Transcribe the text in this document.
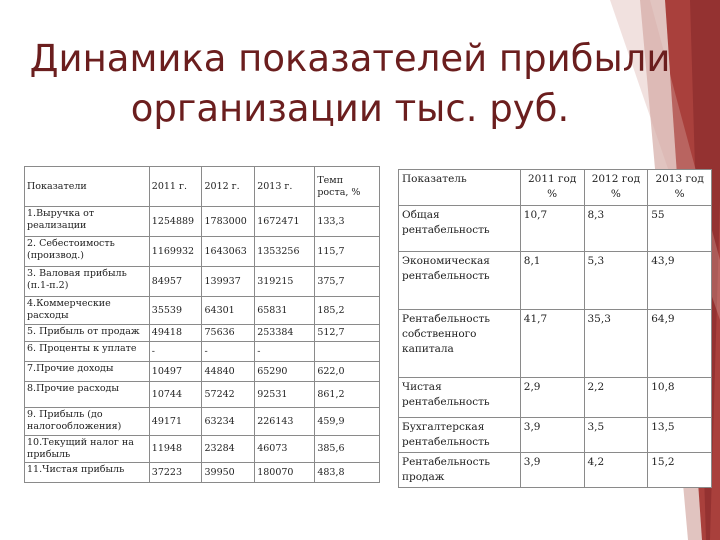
Динамика показателей прибыли организации тыс. руб.
Показатели	2011 г.	2012 г.	2013 г.	Темп роста, %
1.Выручка от реализации	1254889	1783000	1672471	133,3
2. Себестоимость (производ.)	1169932	1643063	1353256	115,7
3. Валовая прибыль (п.1-п.2)	84957	139937	319215	375,7
4.Коммерческие расходы	35539	64301	65831	185,2
5. Прибыль от продаж	49418	75636	253384	512,7
6. Проценты к уплате	-	-	-	
7.Прочие доходы	10497	44840	65290	622,0
8.Прочие расходы	10744	57242	92531	861,2
9. Прибыль (до налогообложения)	49171	63234	226143	459,9
10.Текущий налог на прибыль	11948	23284	46073	385,6
11.Чистая прибыль	37223	39950	180070	483,8
Показатель	2011 год %	2012 год %	2013 год %
Общая рентабельность	10,7	8,3	55
Экономическая рентабельность	8,1	5,3	43,9
Рентабельность собственного капитала	41,7	35,3	64,9
Чистая рентабельность	2,9	2,2	10,8
Бухгалтерская рентабельность	3,9	3,5	13,5
Рентабельность продаж	3,9	4,2	15,2
